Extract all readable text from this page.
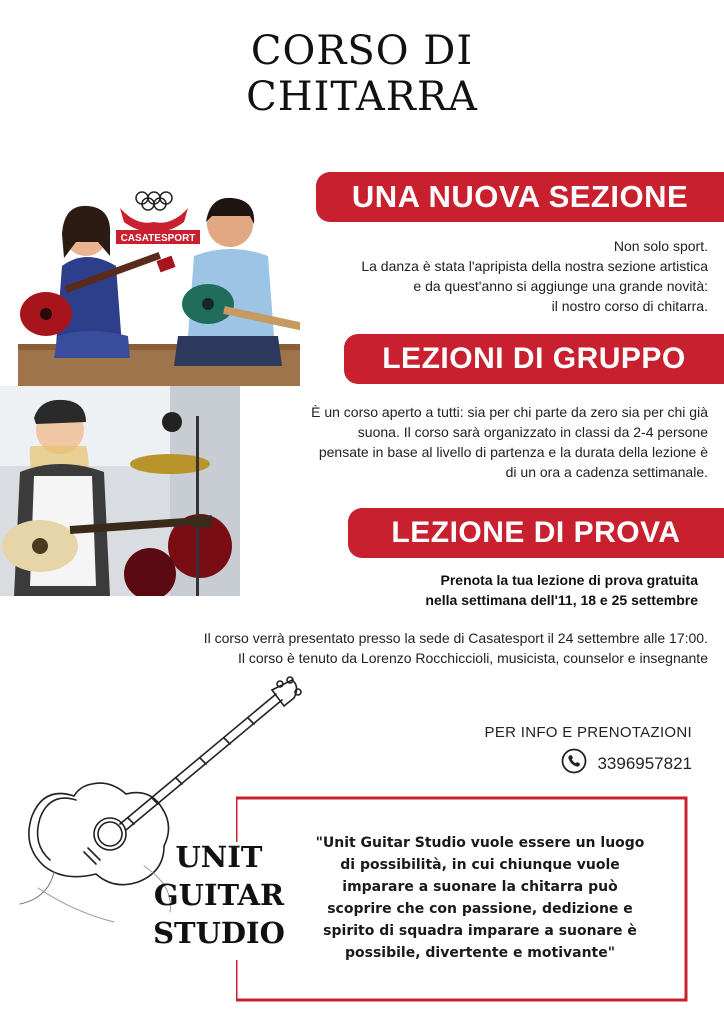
CORSO DI
CHITARRA
CASATESPORT
UNA NUOVA SEZIONE
Non solo sport.
La danza è stata l'apripista della nostra sezione artistica
e da quest'anno si aggiunge una grande novità:
il nostro corso di chitarra.
LEZIONI DI GRUPPO
È un corso aperto a tutti: sia per chi parte da zero sia per chi già
suona. Il corso sarà organizzato in classi da 2-4 persone
pensate in base al livello di partenza e la durata della lezione è
di un ora a cadenza settimanale.
LEZIONE DI PROVA
Prenota la tua lezione di prova gratuita
nella settimana dell'11, 18 e 25 settembre
Il corso verrà presentato presso la sede di Casatesport il 24 settembre alle 17:00.
Il corso è tenuto da Lorenzo Rocchiccioli, musicista, counselor e insegnante
PER INFO E PRENOTAZIONI
3396957821
UNIT
GUITAR
STUDIO
"Unit Guitar Studio vuole essere un luogo
di possibilità, in cui chiunque vuole
imparare a suonare la chitarra può
scoprire che con passione, dedizione e
spirito di squadra imparare a suonare è
possibile, divertente e motivante"
